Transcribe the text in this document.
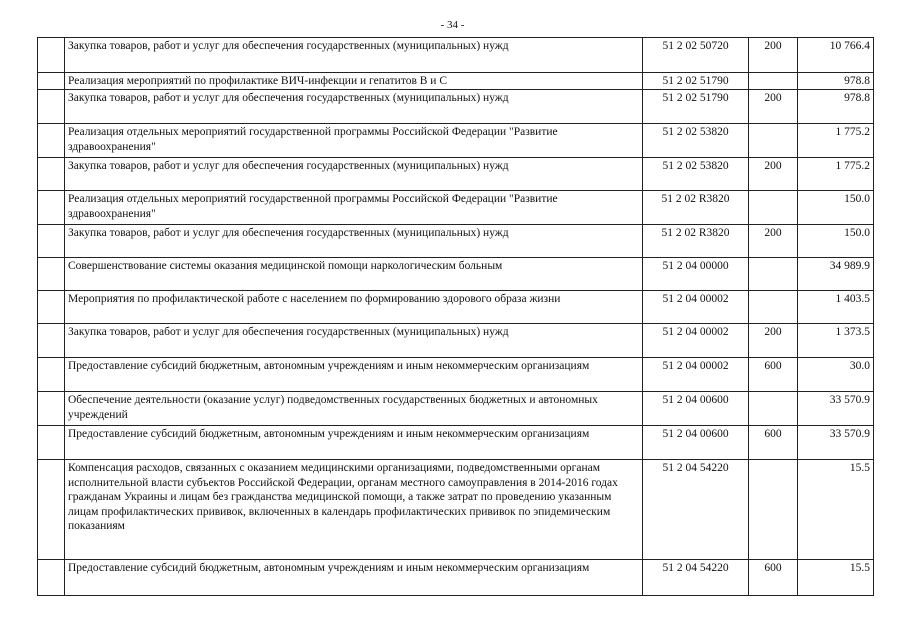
- 34 -
	Закупка товаров, работ и услуг для обеспечения государственных (муниципальных) нужд	51 2 02 50720	200	10 766.4
	Реализация мероприятий по профилактике ВИЧ-инфекции и гепатитов В и С	51 2 02 51790		978.8
	Закупка товаров, работ и услуг для обеспечения государственных (муниципальных) нужд	51 2 02 51790	200	978.8
	Реализация отдельных мероприятий государственной программы Российской Федерации "Развитие здравоохранения"	51 2 02 53820		1 775.2
	Закупка товаров, работ и услуг для обеспечения государственных (муниципальных) нужд	51 2 02 53820	200	1 775.2
	Реализация отдельных мероприятий государственной программы Российской Федерации "Развитие здравоохранения"	51 2 02 R3820		150.0
	Закупка товаров, работ и услуг для обеспечения государственных (муниципальных) нужд	51 2 02 R3820	200	150.0
	Совершенствование системы оказания медицинской помощи наркологическим больным	51 2 04 00000		34 989.9
	Мероприятия по профилактической работе с населением по формированию здорового образа жизни	51 2 04 00002		1 403.5
	Закупка товаров, работ и услуг для обеспечения государственных (муниципальных) нужд	51 2 04 00002	200	1 373.5
	Предоставление субсидий бюджетным, автономным учреждениям и иным некоммерческим организациям	51 2 04 00002	600	30.0
	Обеспечение деятельности (оказание услуг) подведомственных государственных бюджетных и автономных учреждений	51 2 04 00600		33 570.9
	Предоставление субсидий бюджетным, автономным учреждениям и иным некоммерческим организациям	51 2 04 00600	600	33 570.9
	Компенсация расходов, связанных с оказанием медицинскими организациями, подведомственными органам исполнительной власти субъектов Российской Федерации, органам местного самоуправления в 2014-2016 годах гражданам Украины и лицам без гражданства медицинской помощи, а также затрат по проведению указанным лицам профилактических прививок, включенных в календарь профилактических прививок по эпидемическим показаниям	51 2 04 54220		15.5
	Предоставление субсидий бюджетным, автономным учреждениям и иным некоммерческим организациям	51 2 04 54220	600	15.5
